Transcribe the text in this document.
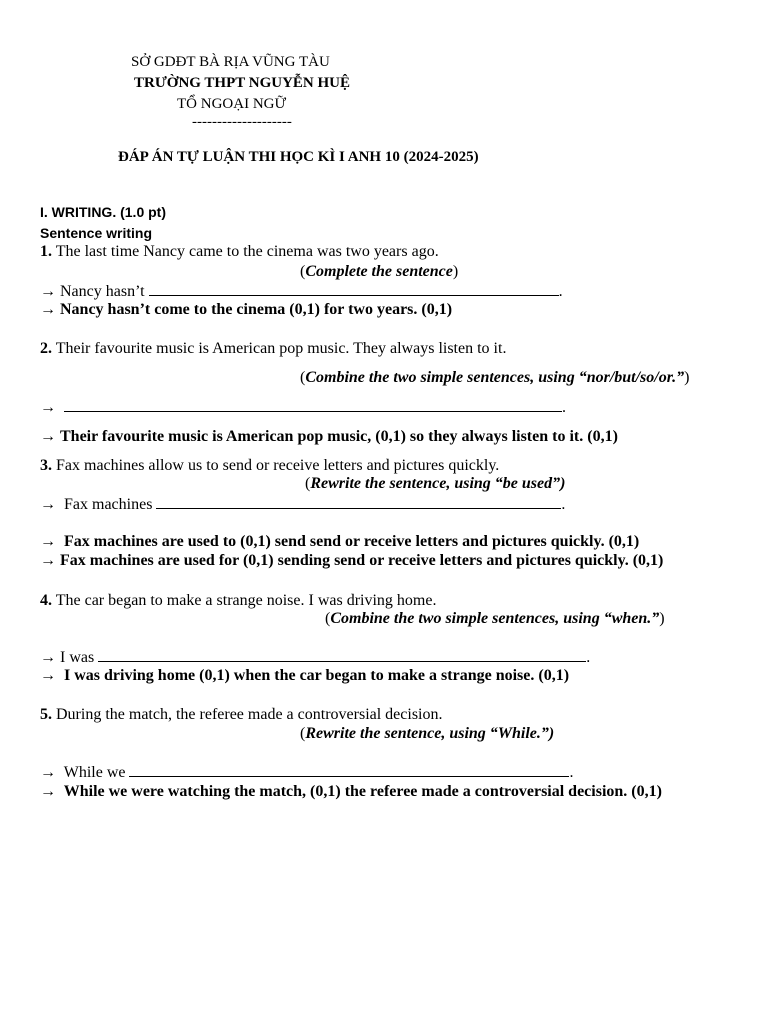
SỞ GDĐT BÀ RỊA VŨNG TÀU
TRƯỜNG THPT NGUYỄN HUỆ
TỔ NGOẠI NGỮ
--------------------
ĐÁP ÁN TỰ LUẬN THI HỌC KÌ I ANH 10 (2024-2025)
I. WRITING. (1.0 pt)
Sentence writing
1. The last time Nancy came to the cinema was two years ago.
(Complete the sentence)
→ Nancy hasn’t	.
→ Nancy hasn’t come to the cinema (0,1) for two years. (0,1)
2. Their favourite music is American pop music. They always listen to it.
(Combine the two simple sentences, using “nor/but/so/or.”)
→	.
→ Their favourite music is American pop music, (0,1) so they always listen to it. (0,1)
3. Fax machines allow us to send or receive letters and pictures quickly.
(Rewrite the sentence, using “be used”)
→ Fax machines	.
→ Fax machines are used to (0,1) send send or receive letters and pictures quickly. (0,1)
→ Fax machines are used for (0,1) sending send or receive letters and pictures quickly. (0,1)
4. The car began to make a strange noise. I was driving home.
(Combine the two simple sentences, using “when.”)
→ I was	.
→ I was driving home (0,1) when the car began to make a strange noise. (0,1)
5. During the match, the referee made a controversial decision.
(Rewrite the sentence, using “While.”)
→ While we	.
→ While we were watching the match, (0,1) the referee made a controversial decision. (0,1)
